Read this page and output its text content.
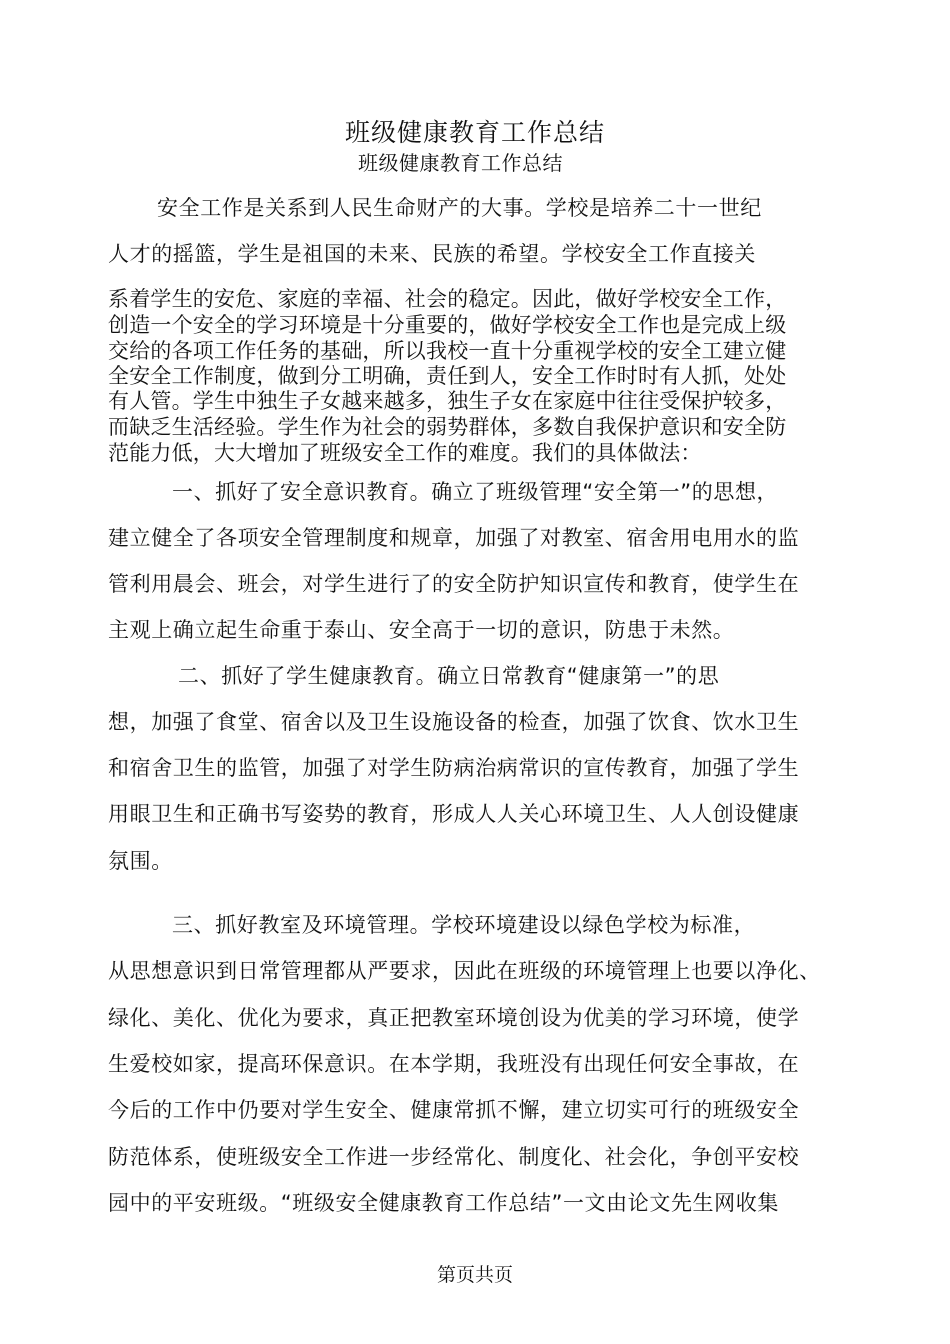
班级健康教育工作总结
班级健康教育工作总结
安全工作是关系到人民生命财产的大事。学校是培养二十一世纪
人才的摇篮，学生是祖国的未来、民族的希望。学校安全工作直接关
系着学生的安危、家庭的幸福、社会的稳定。因此，做好学校安全工作，
创造一个安全的学习环境是十分重要的，做好学校安全工作也是完成上级
交给的各项工作任务的基础，所以我校一直十分重视学校的安全工建立健
全安全工作制度，做到分工明确，责任到人，安全工作时时有人抓，处处
有人管。学生中独生子女越来越多，独生子女在家庭中往往受保护较多，
而缺乏生活经验。学生作为社会的弱势群体，多数自我保护意识和安全防
范能力低，大大增加了班级安全工作的难度。我们的具体做法：
一、抓好了安全意识教育。确立了班级管理“安全第一”的思想，
建立健全了各项安全管理制度和规章，加强了对教室、宿舍用电用水的监
管利用晨会、班会，对学生进行了的安全防护知识宣传和教育，使学生在
主观上确立起生命重于泰山、安全高于一切的意识，防患于未然。
二、抓好了学生健康教育。确立日常教育“健康第一”的思
想，加强了食堂、宿舍以及卫生设施设备的检查，加强了饮食、饮水卫生
和宿舍卫生的监管，加强了对学生防病治病常识的宣传教育，加强了学生
用眼卫生和正确书写姿势的教育，形成人人关心环境卫生、人人创设健康
氛围。
三、抓好教室及环境管理。学校环境建设以绿色学校为标准，
从思想意识到日常管理都从严要求，因此在班级的环境管理上也要以净化、
绿化、美化、优化为要求，真正把教室环境创设为优美的学习环境，使学
生爱校如家，提高环保意识。在本学期，我班没有出现任何安全事故，在
今后的工作中仍要对学生安全、健康常抓不懈，建立切实可行的班级安全
防范体系，使班级安全工作进一步经常化、制度化、社会化，争创平安校
园中的平安班级。“班级安全健康教育工作总结”一文由论文先生网收集
第页共页
